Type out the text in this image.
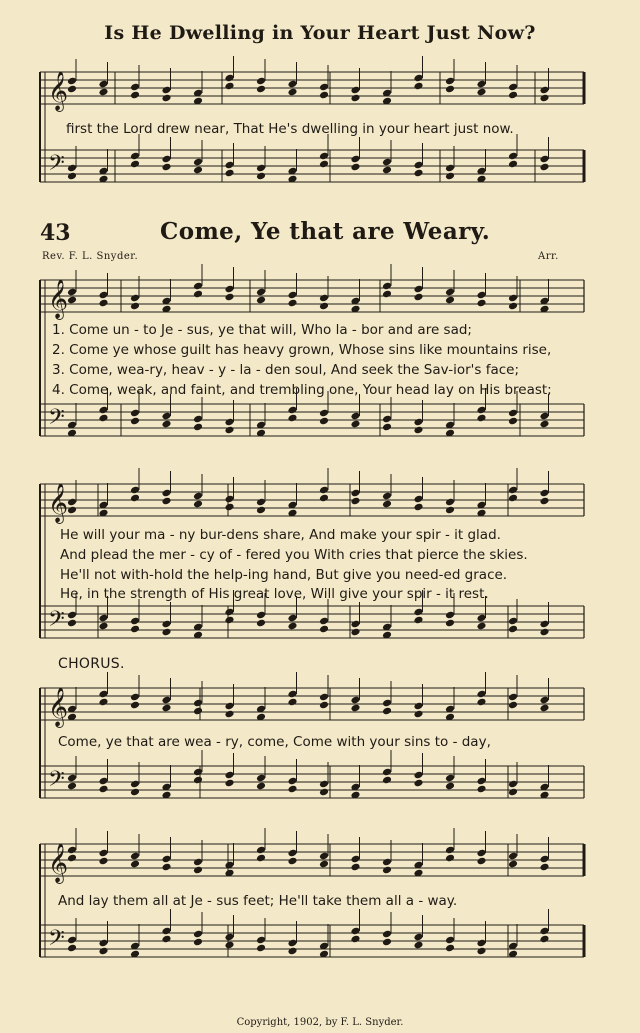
Is He Dwelling in Your Heart Just Now?
𝄞
𝄢
𝄞
𝄢
𝄞
𝄢
𝄞
𝄢
𝄞
𝄢
first the Lord drew near, That He's dwelling in your heart just now.
43	Come, Ye that are Weary.
Rev. F. L. Snyder.	Arr.
1. Come un - to Je - sus, ye that will, Who la - bor and are sad;
2. Come ye whose guilt has heavy grown, Whose sins like mountains rise,
3. Come, wea-ry, heav - y - la - den soul, And seek the Sav-ior's face;
4. Come, weak, and faint, and trembling one, Your head lay on His breast;
He will your ma - ny bur-dens share, And make your spir - it glad.
And plead the mer - cy of - fered you With cries that pierce the skies.
He'll not with-hold the help-ing hand, But give you need-ed grace.
He, in the strength of His great love, Will give your spir - it rest.
CHORUS.
Come, ye that are wea - ry, come, Come with your sins to - day,
And lay them all at Je - sus feet; He'll take them all a - way.
Copyright, 1902, by F. L. Snyder.
